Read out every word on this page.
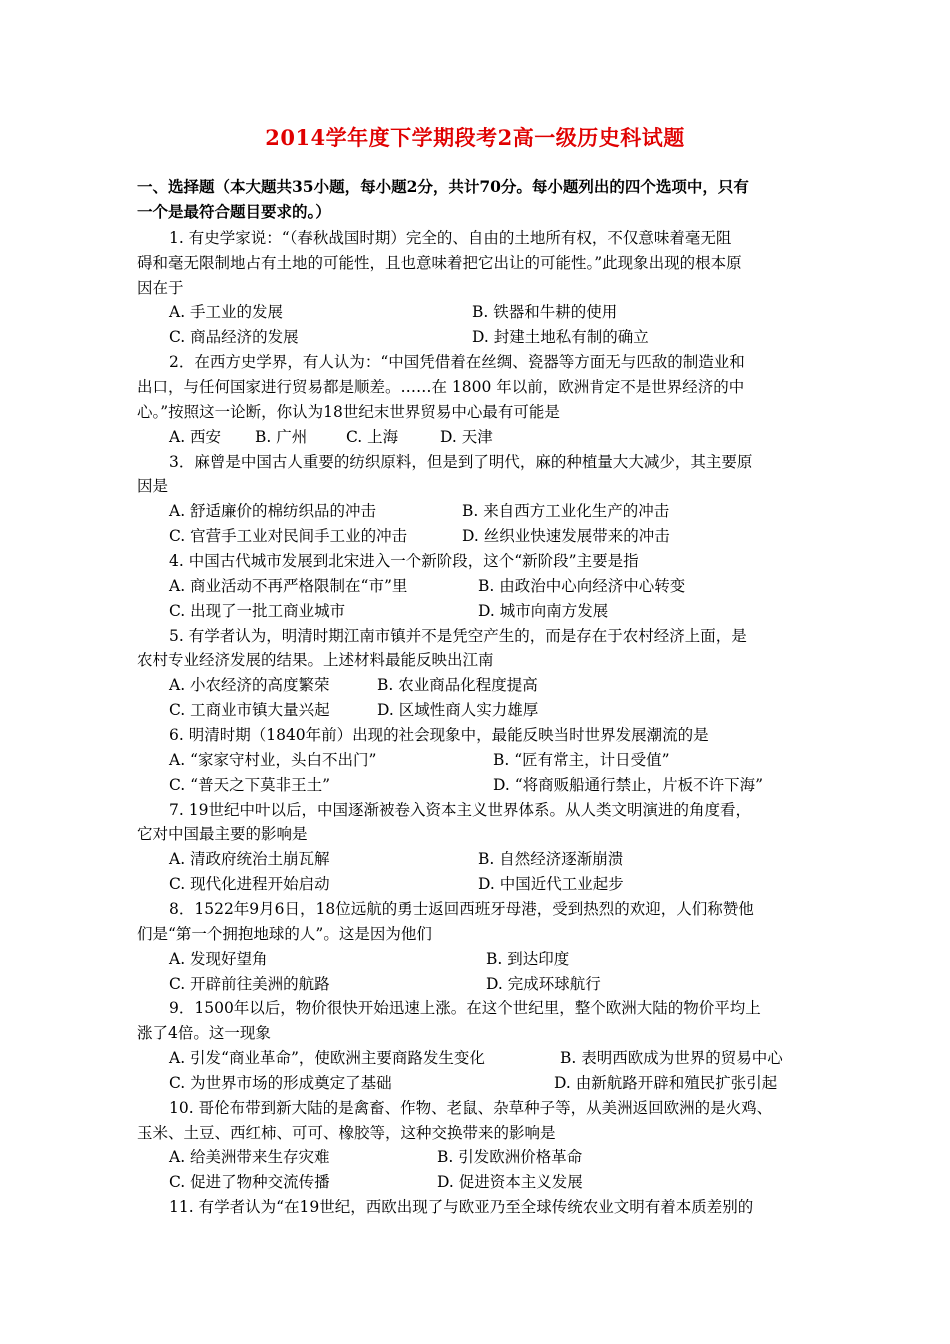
2014学年度下学期段考2高一级历史科试题
一、选择题（本大题共35小题，每小题2分，共计70分。每小题列出的四个选项中，只有
一个是最符合题目要求的。）
1. 有史学家说：“（春秋战国时期）完全的、自由的土地所有权，不仅意味着毫无阻
碍和毫无限制地占有土地的可能性，且也意味着把它出让的可能性。”此现象出现的根本原
因在于
A. 手工业的发展	B. 铁器和牛耕的使用
C. 商品经济的发展	D. 封建土地私有制的确立
2．在西方史学界，有人认为：“中国凭借着在丝绸、瓷器等方面无与匹敌的制造业和
出口，与任何国家进行贸易都是顺差。……在 1800 年以前，欧洲肯定不是世界经济的中
心。”按照这一论断，你认为18世纪末世界贸易中心最有可能是
A. 西安 B. 广州	C. 上海	D. 天津
3．麻曾是中国古人重要的纺织原料，但是到了明代，麻的种植量大大减少，其主要原
因是
A. 舒适廉价的棉纺织品的冲击	B. 来自西方工业化生产的冲击
C. 官营手工业对民间手工业的冲击	D. 丝织业快速发展带来的冲击
4. 中国古代城市发展到北宋进入一个新阶段，这个“新阶段”主要是指
A. 商业活动不再严格限制在“市”里	B. 由政治中心向经济中心转变
C. 出现了一批工商业城市	D. 城市向南方发展
5. 有学者认为，明清时期江南市镇并不是凭空产生的，而是存在于农村经济上面，是
农村专业经济发展的结果。上述材料最能反映出江南
A. 小农经济的高度繁荣	B. 农业商品化程度提高
C. 工商业市镇大量兴起	D. 区域性商人实力雄厚
6. 明清时期（1840年前）出现的社会现象中，最能反映当时世界发展潮流的是
A. “家家守村业，头白不出门”	B. “匠有常主，计日受值”
C. “普天之下莫非王土”	D. “将商贩船通行禁止，片板不许下海”
7. 19世纪中叶以后，中国逐渐被卷入资本主义世界体系。从人类文明演进的角度看，
它对中国最主要的影响是
A. 清政府统治土崩瓦解	B. 自然经济逐渐崩溃
C. 现代化进程开始启动	D. 中国近代工业起步
8．1522年9月6日，18位远航的勇士返回西班牙母港，受到热烈的欢迎，人们称赞他
们是“第一个拥抱地球的人”。这是因为他们
A. 发现好望角	B. 到达印度
C. 开辟前往美洲的航路	D. 完成环球航行
9．1500年以后，物价很快开始迅速上涨。在这个世纪里，整个欧洲大陆的物价平均上
涨了4倍。这一现象
A. 引发“商业革命”，使欧洲主要商路发生变化	B. 表明西欧成为世界的贸易中心
C. 为世界市场的形成奠定了基础	D. 由新航路开辟和殖民扩张引起
10. 哥伦布带到新大陆的是禽畜、作物、老鼠、杂草种子等，从美洲返回欧洲的是火鸡、
玉米、土豆、西红柿、可可、橡胶等，这种交换带来的影响是
A. 给美洲带来生存灾难	B. 引发欧洲价格革命
C. 促进了物种交流传播	D. 促进资本主义发展
11. 有学者认为“在19世纪，西欧出现了与欧亚乃至全球传统农业文明有着本质差别的
